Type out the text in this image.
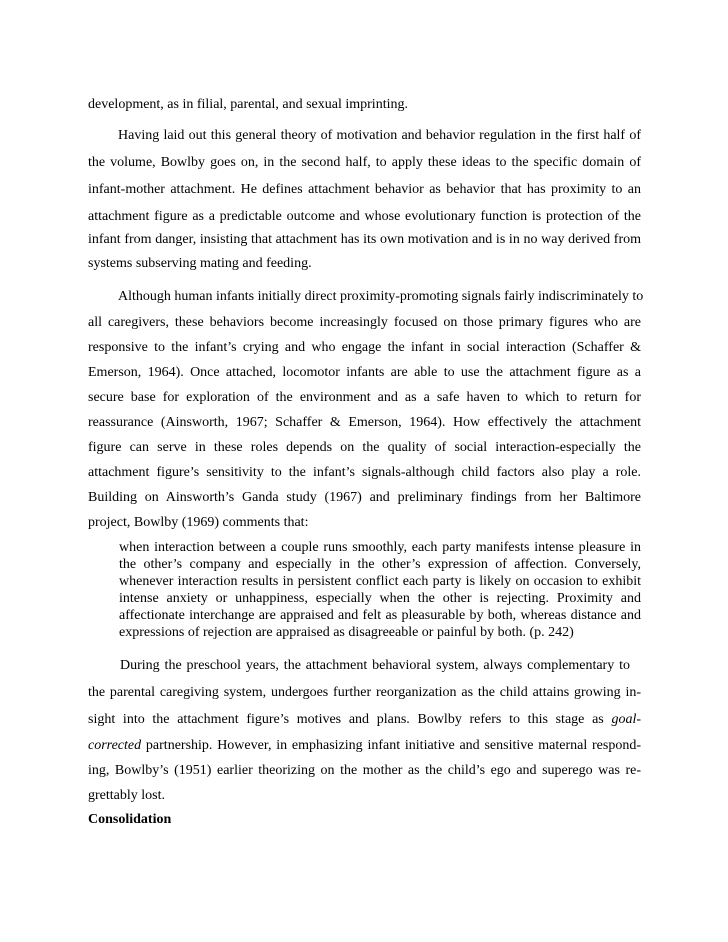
development, as in filial, parental, and sexual imprinting.
Having laid out this general theory of motivation and behavior regulation in the first half of
the volume, Bowlby goes on, in the second half, to apply these ideas to the specific domain of
infant-mother attachment. He defines attachment behavior as behavior that has proximity to an
attachment figure as a predictable outcome and whose evolutionary function is protection of the
infant from danger, insisting that attachment has its own motivation and is in no way derived from
systems subserving mating and feeding.
Although human infants initially direct proximity-promoting signals fairly indiscriminately to
all caregivers, these behaviors become increasingly focused on those primary figures who are
responsive to the infant’s crying and who engage the infant in social interaction (Schaffer &
Emerson, 1964). Once attached, locomotor infants are able to use the attachment figure as a
secure base for exploration of the environment and as a safe haven to which to return for
reassurance (Ainsworth, 1967; Schaffer & Emerson, 1964). How effectively the attachment
figure can serve in these roles depends on the quality of social interaction-especially the
attachment figure’s sensitivity to the infant’s signals-although child factors also play a role.
Building on Ainsworth’s Ganda study (1967) and preliminary findings from her Baltimore
project, Bowlby (1969) comments that:
when interaction between a couple runs smoothly, each party manifests intense pleasure in
the other’s company and especially in the other’s expression of affection. Conversely,
whenever interaction results in persistent conflict each party is likely on occasion to exhibit
intense anxiety or unhappiness, especially when the other is rejecting. Proximity and
affectionate interchange are appraised and felt as pleasurable by both, whereas distance and
expressions of rejection are appraised as disagreeable or painful by both. (p. 242)
During the preschool years, the attachment behavioral system, always complementary to
the parental caregiving system, undergoes further reorganization as the child attains growing in-
sight into the attachment figure’s motives and plans. Bowlby refers to this stage as goal-
corrected partnership. However, in emphasizing infant initiative and sensitive maternal respond-
ing, Bowlby’s (1951) earlier theorizing on the mother as the child’s ego and superego was re-
grettably lost.
Consolidation
